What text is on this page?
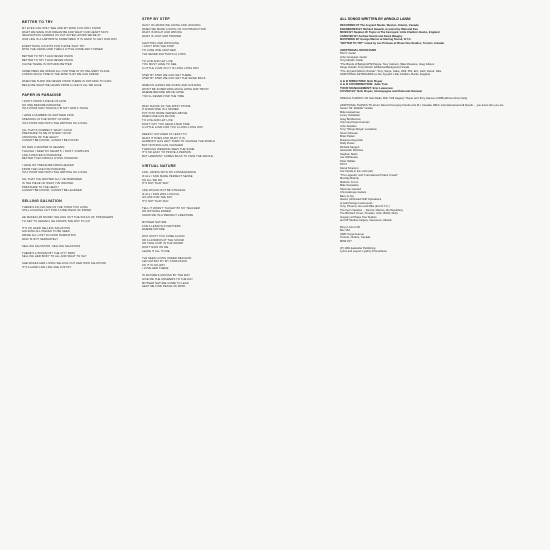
BETTER TO TRY
MY EYES CAN ONLY SEE AND MY MIND CAN ONLY KNOW
WHAT WE MAKE OUR DREAM BE AND WHAT OUR HEART SAYS
IMAGINATION CARRIES US OUT AFTER HOURS WE'RE AT
OUR LIFE IS A LABYRINTH SOMETIMES IT IS HARD TO GET OUR WAY
EVERYTHING COUNTS FOR THOSE THAT TRY
WITH THE CRASH AND THEN A LITTLE COME AND TURNED
BETTER TO TRY THAN NEVER KNOW
BETTER TO TRY THAN NEVER KNOW
CAUSE THERE IS NOTHING BETTER
SOMETIMES WE SPEND ALL OUR TIME AT MY DELIVERY PLACE
LOSING MUCH TIME IN THE MIND THAT WE CAN SPEND
WHEN WE THINK WE NEVER KNOW THERE IS NOTHING TO GAIN
BECAUSE WHAT WE LEARN FROM A LIFE IS ALL WE HAVE
PAPER IN PARADISE
I DON'T KNOW A PIECE OF HOW
NO ONE BEFORE PARADISE
I'M A POOR MAN THOUGH I'M NOT NOR A THING
I HAVE A NUMBER OF ANOTHER KIND
SPEAKING IS THE SPIRIT OF MIND
I'M A POOR MAN WITH THE WRITING OF A KING
ALL THAT'S CORRECT, WHAT I HOLD
PRESSURE TO ME AT EVERY HOUR
CROSSING OF THE HEAVY
CANNOT BE FOUND, CANNOT BE FOUND
NO MAN A MASTER IN HEAVEN
THOUGH I KEEP MY HEARTS, I DON'T COMPLAIN
LIFE A PRAYER IN PARADISE
BETTER TOLD FROM A LIVING KINGDOM
I HAVE NO TREASURE FROM HEAVEN
FROM THE LIFE FOR PARADISE
I'M A POOR MAN WITH THE WRITING OF A KING
ALL THAT I'VE WANTED ALL I'VE PREPARED
IS THE PIECE OF WHAT I'VE WANTED
PRESSURE TO THE HEAVY
CANNOT BE FOUND, CANNOT BE LEARNED
SELLING SALVATION
THERE'S AN OLD MAN IN THE TOWN TOO LONG
STILL HOLDING OUT FOR A FIRE PIECE OF PAPER
HE MAKES HIS MONEY SELLING OUT THE SOULS OF STRANGERS
TO GET TO HEAVEN, HE KNOWS THE WAY TO GO
IT'S SO HARD SELLING SALVATION
HOLDING ALL PIECES TO BE SEEN
WE'RE ALL LOST IN GOOD DAMNATION
WHO IS NOT SEPARATELY
SELLING SALVATION, SELLING SALVATION
THERE'S A WOMAN BY THE CITY PARK
SELLING HER BODY TO ALL AND WHAT TO SAY
SHE MAKES HER LIVING SELLING OUT HER OWN SALVATION
IT'S A HARD LIFE LIKE SHE JUSTIFY
STEP BY STEP
DAILY IN HANDS WE GOING AND HOLDING
WHEN WE MADE A SONG OF CONTRADICTION
WHAT IS RIGHT AND WRONG
WHAT IS JUST AND PROPER
SHUTTING AND WATCHING
I CAN'T FIND THE STEP
TO LOSE ONE ANOTHER
I'VE NEVER RHYTHM IN A LYRIC
TO LIVE AND LET LIVE
YOU MUST HAVE TO SEE
A LITTLE LOVE ON IT IS LONG LONG WAY
STEP BY STEP WE CAN GET THERE
STEP BY STEP WE CAN GET THE SHINE BACK
WHEN IN HANDS WE GOING AND HOLDING
WON'T BE SOMETHING MUCH HOPE AND TRUST
WHERE BEFORE WE'VE GONE
YOU'LL NEVER FIND THE TIME
WHO SHOOK AS THE FIRST STONE
IT EVERYONE IS A SINNER
PUT INTO MORE VERSES ABOVE
WHEN ONE HAS BLOOD
TO LIVE AND LET LIVE
DON'T CRY YOU HEAR A BAD TIME
A LITTLE LOVE FOR YOU A LONG LONG WAY
DEEPLY OUTLINED AT LEAST TO
WHAT IT DOES AND WHAT IT IS
HARMONY HAS LEFT THEM TO CHANGE THE WORLD
BUT NOTHING HAS CHANGED
THROUGH WEARING SEES THE SAME
IT'S SO EASY TO PROVE A PERSON
BUT HARMONY COMES BACK TO TAKE THE WHOLE
VIRTUAL NATURE
LIFE, HIDING WITH NO CONSEQUENCE
IF ALL I SAW MADE PERFECT SENSE
SO ALL WE DO
IT'S NOT THAT WAY
LIFE WOULD NOT BE STRANGE
IF ALL I SAW WAS LOGICAL
GO ASK FOR THE DAY
IT'S NOT THAT WAY
TELL IT WASN'T TAUGHT BY MY TEACHER
OR NOTHING ENDED
SHOW ME I'M A PERFECT CREATURE
MOTHER NATURE
FOR A LESSON IN MATTERS
WHERE NATURE
WHY DON'T YOU COME ALONG
OR A HORIZON AT THE SOUND
OR TAKE A DIP IN THE WATER
DON'T RAIN ON ME
LEAVE IT ALL TO ME
I'VE SEEN LIVING UNDER RELIGION
LED ASTRAY BY MY CONFUSION
SO IT IS NO-WAY
I LOVE HER THERE
IN NATURE'S MOVING BY THE WAY
GIVE ME THE ANSWERS TO THE DAY
MOTHER NATURE COME TO LEAD
HELP ME FIND PEACE OF MIND
ALL SONGS WRITTEN BY ARNOLD LANNI
RECORDED AT The Joyyard Studio, Weston, Ontario, Canada
ENGINEERED BY Richard Sanacki, Assisted by Walt and Ken
MIXED BY Stephen W. Tayler at The Farmyard, Little Chalfont, Bucks, England
ASSISTED BY Andrew Scarth and Derek Waughy
MASTERED BY George Marino at Sterling Sound, N.Y.C.
"BETTER TO TRY" mixed by Joe Primeau at Phase One Studios, Toronto, Canada
ADDITIONAL MUSICIANS
Phil X: Guitar
John Conquest: Guitar
Tony Morelli: Guitar
"The Bonds of Babylon/Phil Peppa, Tony Carlucci, Mike Mussone, Greg Gibson
Serge Volodis, Tony Morelli: Additional Background Vocals
"The Joyyard Gilbois Chorale": Tony, Serge, Gabe, Wolf, Phil, Eric, Herb, Derek, Nike
ADDITIONAL KEYBOARDS on the Joyyard: Little Chalfont, Bucks, England
A & R DIRECTION: Bob Roper
A & R COORDINATION: Julie Tsai
TOUR MANAGEMENT: Eric Lawrence
COVER BY: Bob Roper, Champagne and Deborah Samuel
SPECIAL THANKS: CD Star Radio, Bob "Cliff Hagerty" Roper and Terry Hansen (CRIB without whom help)
ADDITIONAL THANKS TO all our Record Company friends at E.M.I. Canada. WE'd, international and all friends ... you know who you are
Susan "Mr. Waddle" Grafter
Mike Hesselman
Lenny Schlanker
Greg Bordiscovie
Cheri and Dave Koeman
John Sanders
Tony "Wings Wings" Lunaliccie
Simon McLean
Brian Parker
Rosanne Reynolds
Rudy Russo
Richard Sargent
Alexander DeStone
Stephen Stalin
Joe Oldhausen
Peter Walker
Phil X
Derek Simpson
Our friends in the north (all)
"The Legends" and "International Trident Crowd"
Monday Brandy
Malcolm N.O.A.
Mike Sansaleta
Sherman Giscard
Chromaticque Guitars
Barry & Jay
Ibanez (Unlimited NHP Operations
G.Gold Strings Instruments
Tony, Phoenix, Ger and Mike (E.N.O.T.C.)
The Fenn Vanders ... Dennis, Marcus, Mo Wyvathrey
The Blizzard, Kevin, Prestian, John, Bobbi, Ruby
Gregory at Phase One Studios
and 35 Studios Calgary, Vancouver, Atlantic
Ring in front LTD
Box 154
4395 Yonge Avenue
Toronto, Ontario, Canada
M5W 2X7
(P) 1991 Eastsider Publishing
Lyrics and Layout: Lyall by Prometheus
